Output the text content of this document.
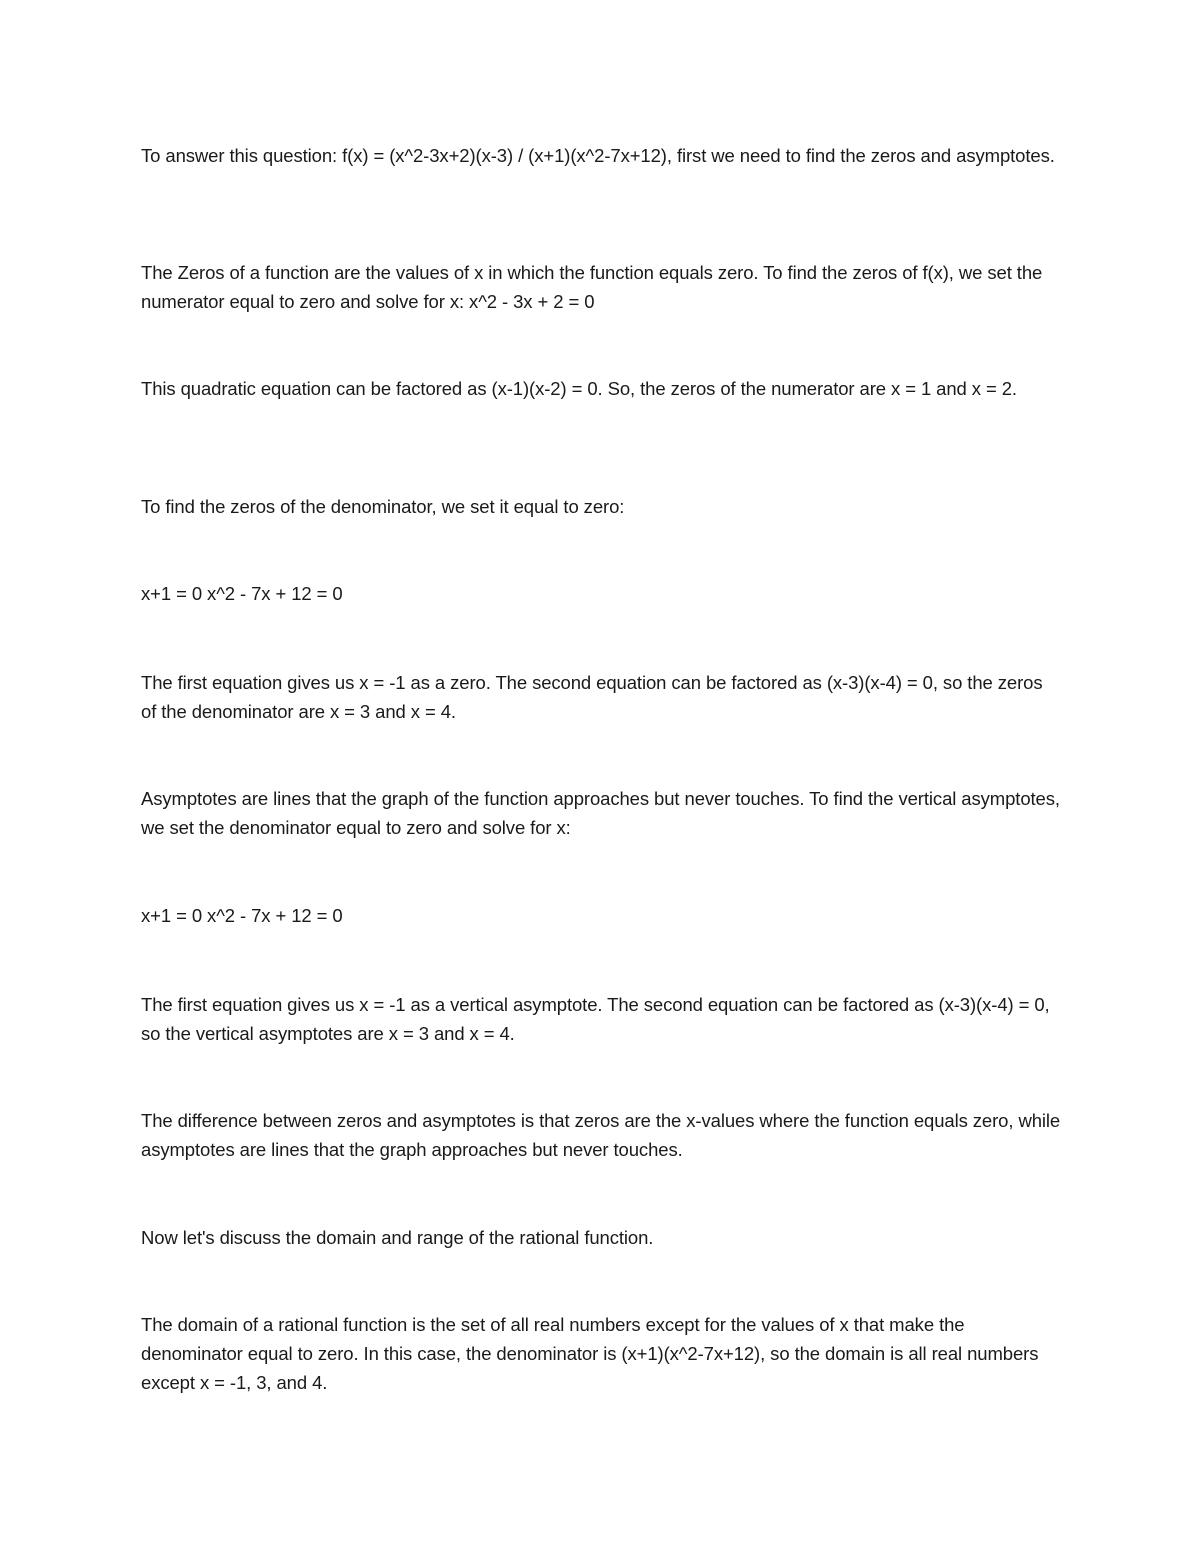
To answer this question: f(x) = (x^2-3x+2)(x-3) / (x+1)(x^2-7x+12), first we need to find the zeros and asymptotes.

The Zeros of a function are the values of x in which the function equals zero. To find the zeros of f(x), we set the numerator equal to zero and solve for x: x^2 - 3x + 2 = 0

This quadratic equation can be factored as (x-1)(x-2) = 0. So, the zeros of the numerator are x = 1 and x = 2.

To find the zeros of the denominator, we set it equal to zero:

x+1 = 0 x^2 - 7x + 12 = 0

The first equation gives us x = -1 as a zero. The second equation can be factored as (x-3)(x-4) = 0, so the zeros of the denominator are x = 3 and x = 4.

Asymptotes are lines that the graph of the function approaches but never touches. To find the vertical asymptotes, we set the denominator equal to zero and solve for x:

x+1 = 0 x^2 - 7x + 12 = 0

The first equation gives us x = -1 as a vertical asymptote. The second equation can be factored as (x-3)(x-4) = 0, so the vertical asymptotes are x = 3 and x = 4.

The difference between zeros and asymptotes is that zeros are the x-values where the function equals zero, while asymptotes are lines that the graph approaches but never touches.

Now let's discuss the domain and range of the rational function.

The domain of a rational function is the set of all real numbers except for the values of x that make the denominator equal to zero. In this case, the denominator is (x+1)(x^2-7x+12), so the domain is all real numbers except x = -1, 3, and 4.
